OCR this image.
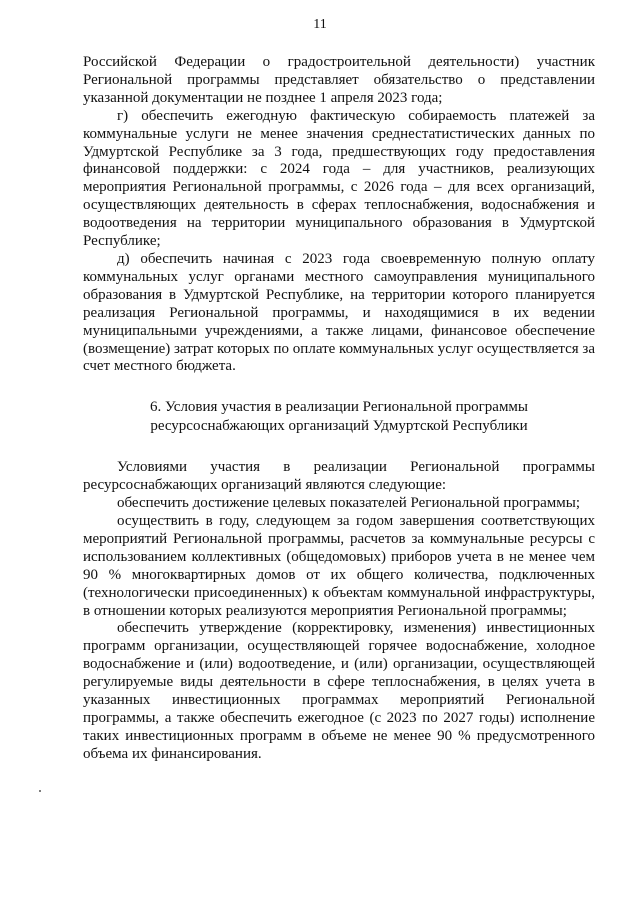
11

Российской Федерации о градостроительной деятельности) участник Региональной программы представляет обязательство о представлении указанной документации не позднее 1 апреля 2023 года;

г) обеспечить ежегодную фактическую собираемость платежей за коммунальные услуги не менее значения среднестатистических данных по Удмуртской Республике за 3 года, предшествующих году предоставления финансовой поддержки: с 2024 года – для участников, реализующих мероприятия Региональной программы, с 2026 года – для всех организаций, осуществляющих деятельность в сферах теплоснабжения, водоснабжения и водоотведения на территории муниципального образования в Удмуртской Республике;

д) обеспечить начиная с 2023 года своевременную полную оплату коммунальных услуг органами местного самоуправления муниципального образования в Удмуртской Республике, на территории которого планируется реализация Региональной программы, и находящимися в их ведении муниципальными учреждениями, а также лицами, финансовое обеспечение (возмещение) затрат которых по оплате коммунальных услуг осуществляется за счет местного бюджета.

6. Условия участия в реализации Региональной программы
ресурсоснабжающих организаций Удмуртской Республики

Условиями участия в реализации Региональной программы ресурсоснабжающих организаций являются следующие:

обеспечить достижение целевых показателей Региональной программы;

осуществить в году, следующем за годом завершения соответствующих мероприятий Региональной программы, расчетов за коммунальные ресурсы с использованием коллективных (общедомовых) приборов учета в не менее чем 90 % многоквартирных домов от их общего количества, подключенных (технологически присоединенных) к объектам коммунальной инфраструктуры, в отношении которых реализуются мероприятия Региональной программы;

обеспечить утверждение (корректировку, изменения) инвестиционных программ организации, осуществляющей горячее водоснабжение, холодное водоснабжение и (или) водоотведение, и (или) организации, осуществляющей регулируемые виды деятельности в сфере теплоснабжения, в целях учета в указанных инвестиционных программах мероприятий Региональной программы, а также обеспечить ежегодное (с 2023 по 2027 годы) исполнение таких инвестиционных программ в объеме не менее 90 % предусмотренного объема их финансирования.
